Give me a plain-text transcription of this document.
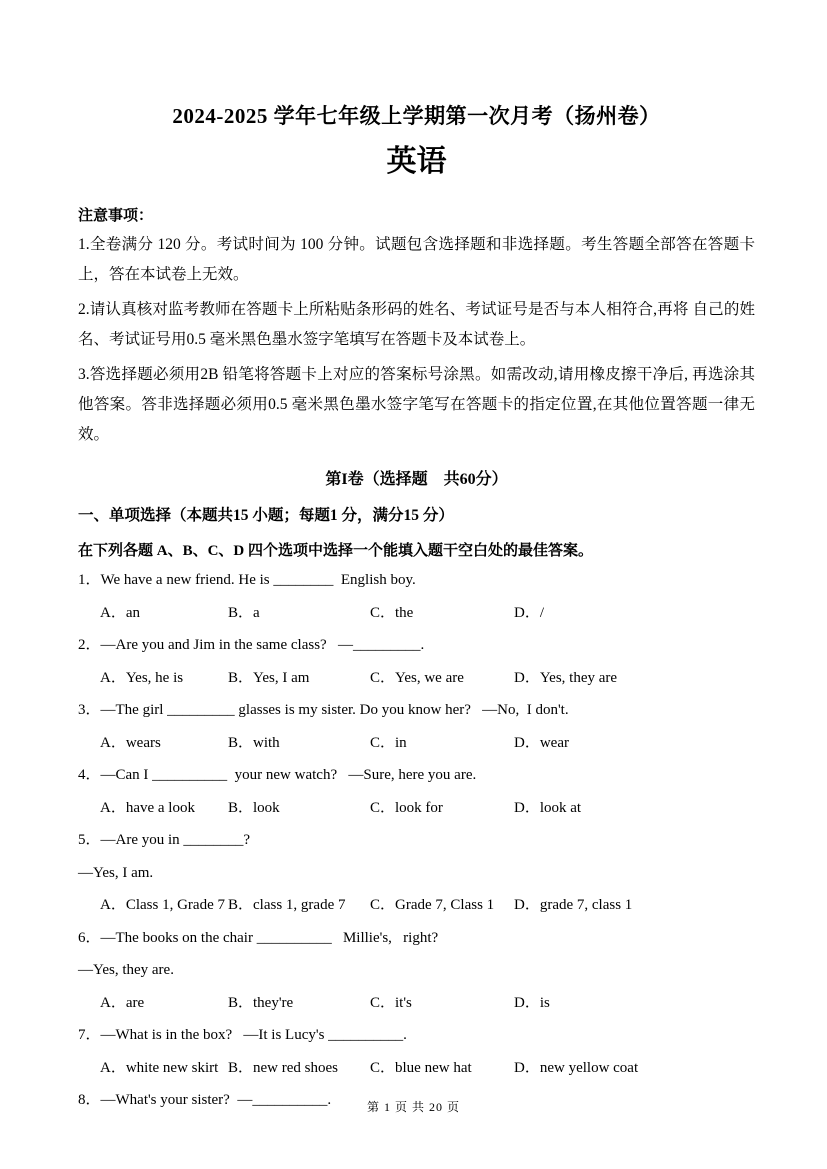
2024-2025 学年七年级上学期第一次月考（扬州卷）
英语
注意事项：

1.全卷满分 120 分。考试时间为 100 分钟。试题包含选择题和非选择题。考生答题全部答在答题卡上，答在本试卷上无效。

2.请认真核对监考教师在答题卡上所粘贴条形码的姓名、考试证号是否与本人相符合,再将 自己的姓名、考试证号用0.5 毫米黑色墨水签字笔填写在答题卡及本试卷上。

3.答选择题必须用2B 铅笔将答题卡上对应的答案标号涂黑。如需改动,请用橡皮擦干净后, 再选涂其他答案。答非选择题必须用0.5 毫米黑色墨水签字笔写在答题卡的指定位置,在其他位置答题一律无效。

第I卷（选择题　共60分）
一、单项选择（本题共15 小题；每题1 分，满分15 分）
在下列各题 A、B、C、D 四个选项中选择一个能填入题干空白处的最佳答案。
1．We have a new friend. He is ________  English boy.
A．an	B．a	C．the	D．/
2．—Are you and Jim in the same class?   —_________.
A．Yes, he is	B．Yes, I am	C．Yes, we are	D．Yes, they are
3．—The girl _________ glasses is my sister. Do you know her?   —No,  I don't.
A．wears	B．with	C．in	D．wear
4．—Can I __________  your new watch?   —Sure, here you are.
A．have a look	B．look	C．look for	D．look at
5．—Are you in ________?
—Yes, I am.
A．Class 1, Grade 7 B．class 1, grade 7	C．Grade 7, Class 1	D．grade 7, class 1
6．—The books on the chair __________   Millie's,   right?
—Yes, they are.
A．are	B．they're	C．it's	D．is
7．—What is in the box?   —It is Lucy's __________.
A．white new skirt B．new red shoes	C．blue new hat	D．new yellow coat
8．—What's your sister?  —__________.	第 1 页 共 20 页
